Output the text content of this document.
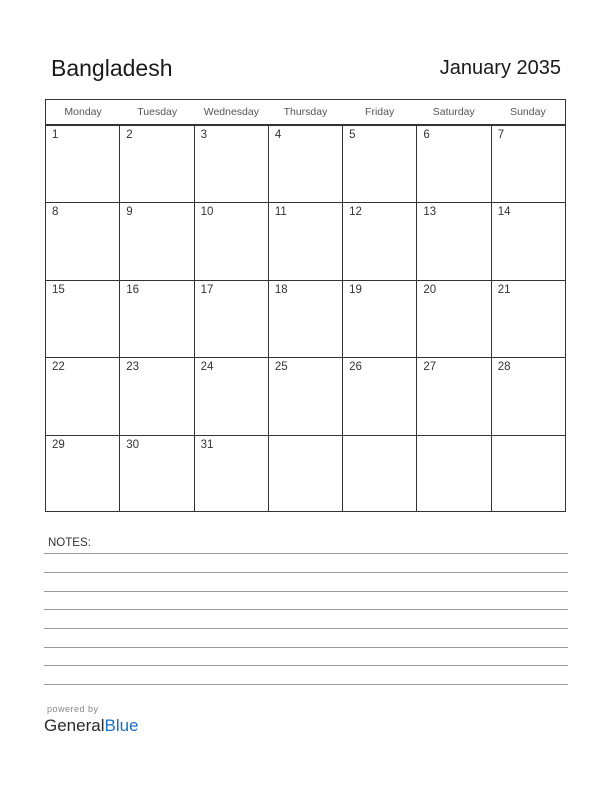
Bangladesh	January 2035
Monday	Tuesday	Wednesday	Thursday	Friday	Saturday	Sunday
1	2	3	4	5	6	7
8	9	10	11	12	13	14
15	16	17	18	19	20	21
22	23	24	25	26	27	28
29	30	31
NOTES:
powered by
GeneralBlue
